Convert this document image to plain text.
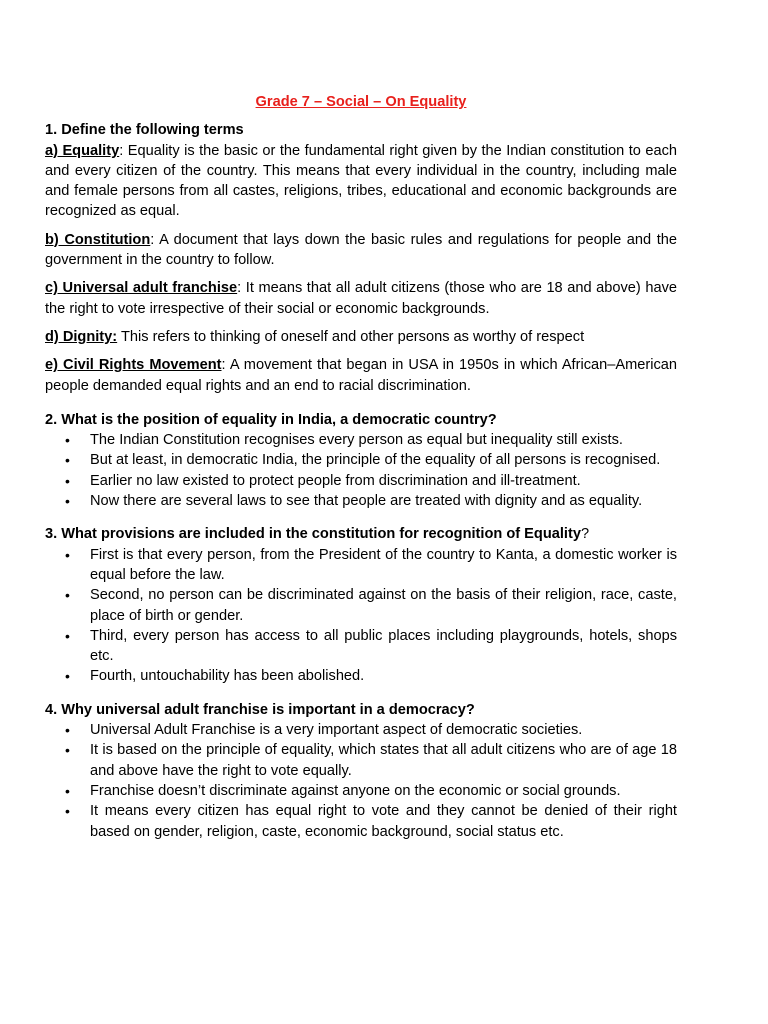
Grade 7 – Social – On Equality

1. Define the following terms

a) Equality: Equality is the basic or the fundamental right given by the Indian constitution to each and every citizen of the country. This means that every individual in the country, including male and female persons from all castes, religions, tribes, educational and economic backgrounds are recognized as equal.

b) Constitution: A document that lays down the basic rules and regulations for people and the government in the country to follow.

c) Universal adult franchise: It means that all adult citizens (those who are 18 and above) have the right to vote irrespective of their social or economic backgrounds.

d) Dignity: This refers to thinking of oneself and other persons as worthy of respect

e) Civil Rights Movement: A movement that began in USA in 1950s in which African–American people demanded equal rights and an end to racial discrimination.

2. What is the position of equality in India, a democratic country?

• The Indian Constitution recognises every person as equal but inequality still exists.
• But at least, in democratic India, the principle of the equality of all persons is recognised.
• Earlier no law existed to protect people from discrimination and ill-treatment.
• Now there are several laws to see that people are treated with dignity and as equality.

3. What provisions are included in the constitution for recognition of Equality?

• First is that every person, from the President of the country to Kanta, a domestic worker is equal before the law.
• Second, no person can be discriminated against on the basis of their religion, race, caste, place of birth or gender.
• Third, every person has access to all public places including playgrounds, hotels, shops etc.
• Fourth, untouchability has been abolished.

4. Why universal adult franchise is important in a democracy?

• Universal Adult Franchise is a very important aspect of democratic societies.
• It is based on the principle of equality, which states that all adult citizens who are of age 18 and above have the right to vote equally.
• Franchise doesn’t discriminate against anyone on the economic or social grounds.
• It means every citizen has equal right to vote and they cannot be denied of their right based on gender, religion, caste, economic background, social status etc.
